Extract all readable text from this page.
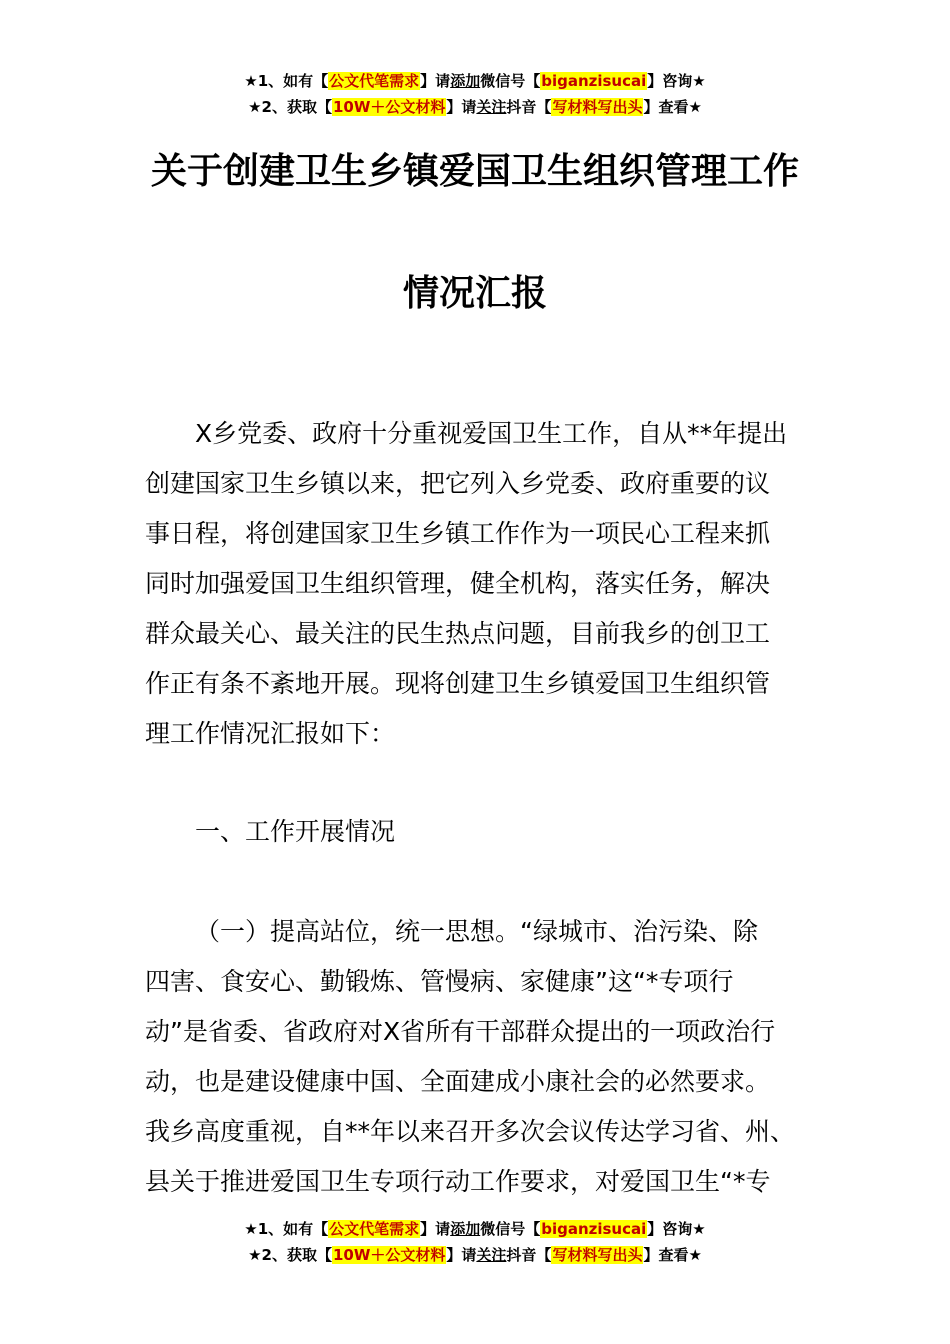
★1、如有【公文代笔需求】请添加微信号【biganzisucai】咨询★
★2、获取【10W＋公文材料】请关注抖音【写材料写出头】查看★
关于创建卫生乡镇爱国卫生组织管理工作
情况汇报
X乡党委、政府十分重视爱国卫生工作，自从**年提出
创建国家卫生乡镇以来，把它列入乡党委、政府重要的议
事日程，将创建国家卫生乡镇工作作为一项民心工程来抓
同时加强爱国卫生组织管理，健全机构，落实任务，解决
群众最关心、最关注的民生热点问题，目前我乡的创卫工
作正有条不紊地开展。现将创建卫生乡镇爱国卫生组织管
理工作情况汇报如下：
一、工作开展情况
（一）提高站位，统一思想。“绿城市、治污染、除
四害、食安心、勤锻炼、管慢病、家健康”这“*专项行
动”是省委、省政府对X省所有干部群众提出的一项政治行
动，也是建设健康中国、全面建成小康社会的必然要求。
我乡高度重视，自**年以来召开多次会议传达学习省、州、
县关于推进爱国卫生专项行动工作要求，对爱国卫生“*专
★1、如有【公文代笔需求】请添加微信号【biganzisucai】咨询★
★2、获取【10W＋公文材料】请关注抖音【写材料写出头】查看★
